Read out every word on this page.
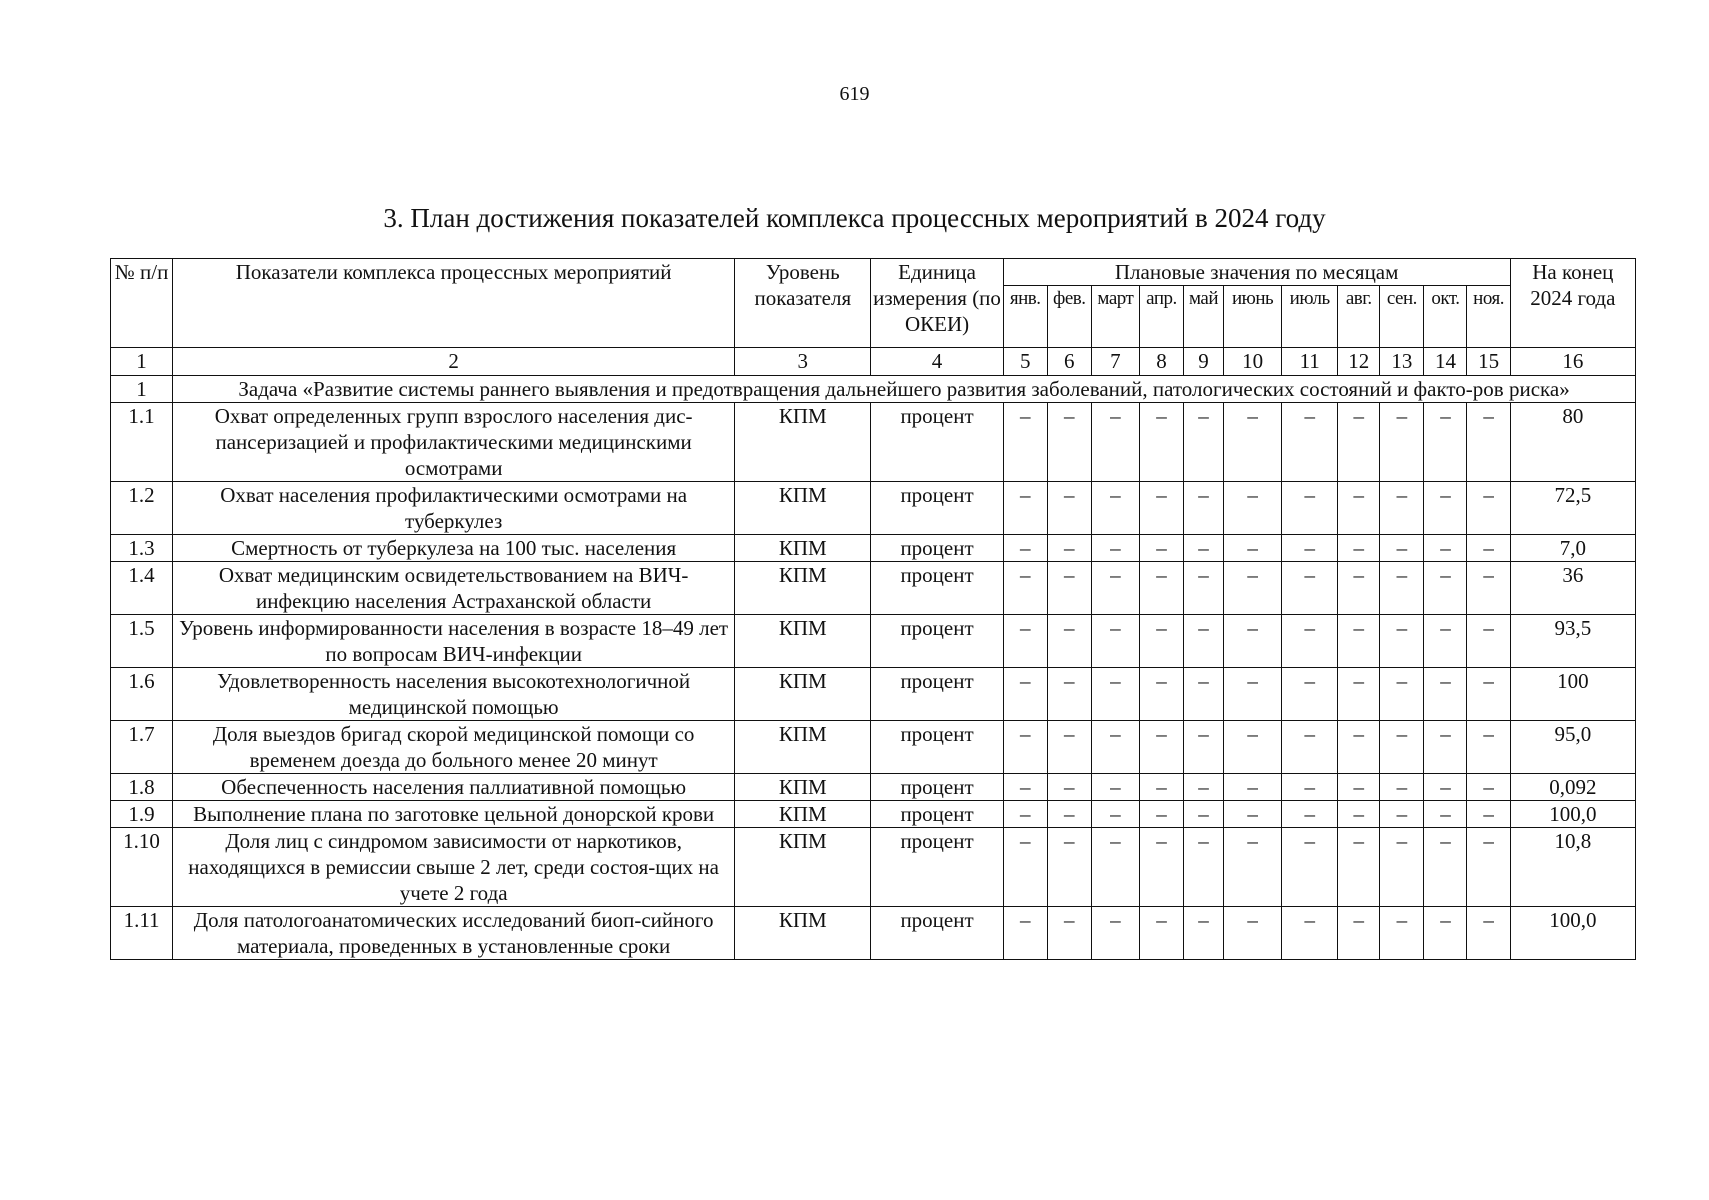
619
3. План достижения показателей комплекса процессных мероприятий в 2024 году
№ п/п	Показатели комплекса процессных мероприятий	Уровень показателя	Единица измерения (по ОКЕИ)	Плановые значения по месяцам											На конец 2024 года
				янв.	фев.	март	апр.	май	июнь	июль	авг.	сен.	окт.	ноя.	
1	2	3	4	5	6	7	8	9	10	11	12	13	14	15	16
1	Задача «Развитие системы раннего выявления и предотвращения дальнейшего развития заболеваний, патологических состояний и факто-ров риска»														
1.1	Охват определенных групп взрослого населения дис-пансеризацией и профилактическими медицинскими осмотрами	КПМ	процент	–	–	–	–	–	–	–	–	–	–	–	80
1.2	Охват населения профилактическими осмотрами на туберкулез	КПМ	процент	–	–	–	–	–	–	–	–	–	–	–	72,5
1.3	Смертность от туберкулеза на 100 тыс. населения	КПМ	процент	–	–	–	–	–	–	–	–	–	–	–	7,0
1.4	Охват медицинским освидетельствованием на ВИЧ-инфекцию населения Астраханской области	КПМ	процент	–	–	–	–	–	–	–	–	–	–	–	36
1.5	Уровень информированности населения в возрасте 18–49 лет по вопросам ВИЧ-инфекции	КПМ	процент	–	–	–	–	–	–	–	–	–	–	–	93,5
1.6	Удовлетворенность населения высокотехнологичной медицинской помощью	КПМ	процент	–	–	–	–	–	–	–	–	–	–	–	100
1.7	Доля выездов бригад скорой медицинской помощи со временем доезда до больного менее 20 минут	КПМ	процент	–	–	–	–	–	–	–	–	–	–	–	95,0
1.8	Обеспеченность населения паллиативной помощью	КПМ	процент	–	–	–	–	–	–	–	–	–	–	–	0,092
1.9	Выполнение плана по заготовке цельной донорской крови	КПМ	процент	–	–	–	–	–	–	–	–	–	–	–	100,0
1.10	Доля лиц с синдромом зависимости от наркотиков, находящихся в ремиссии свыше 2 лет, среди состоя-щих на учете 2 года	КПМ	процент	–	–	–	–	–	–	–	–	–	–	–	10,8
1.11	Доля патологоанатомических исследований биоп-сийного материала, проведенных в установленные сроки	КПМ	процент	–	–	–	–	–	–	–	–	–	–	–	100,0
